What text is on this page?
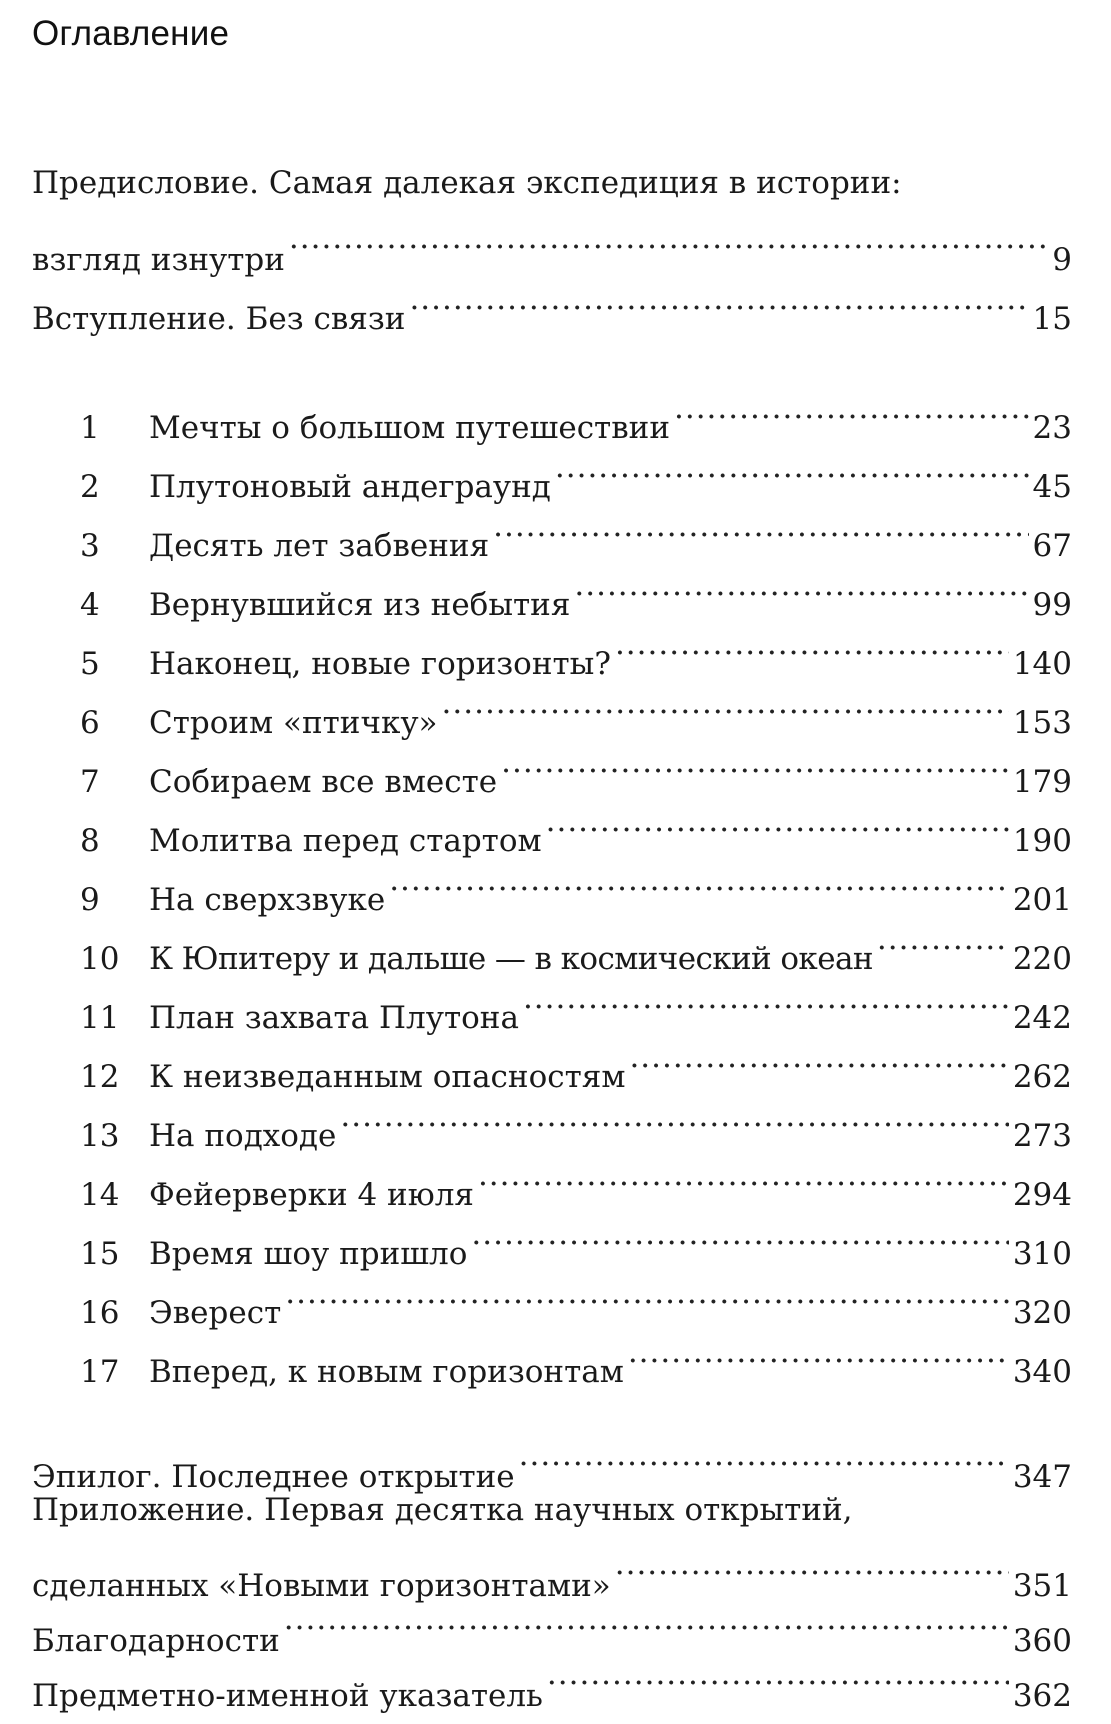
Оглавление
Предисловие. Самая далекая экспедиция в истории:
взгляд изнутри .....	9
Вступление. Без связи .....	15
1	Мечты о большом путешествии .....	23
2	Плутоновый андеграунд .....	45
3	Десять лет забвения .....	67
4	Вернувшийся из небытия .....	99
5	Наконец, новые горизонты? .....	140
6	Строим «птичку» .....	153
7	Собираем все вместе .....	179
8	Молитва перед стартом .....	190
9	На сверхзвуке .....	201
10 К Юпитеру и дальше — в космический океан .....	220
11 План захвата Плутона .....	242
12 К неизведанным опасностям .....	262
13 На подходе .....	273
14 Фейерверки 4 июля .....	294
15 Время шоу пришло .....	310
16 Эверест .....	320
17 Вперед, к новым горизонтам .....	340
Эпилог. Последнее открытие .....	347
Приложение. Первая десятка научных открытий,
сделанных «Новыми горизонтами» .....	351
Благодарности .....	360
Предметно-именной указатель .....	362
